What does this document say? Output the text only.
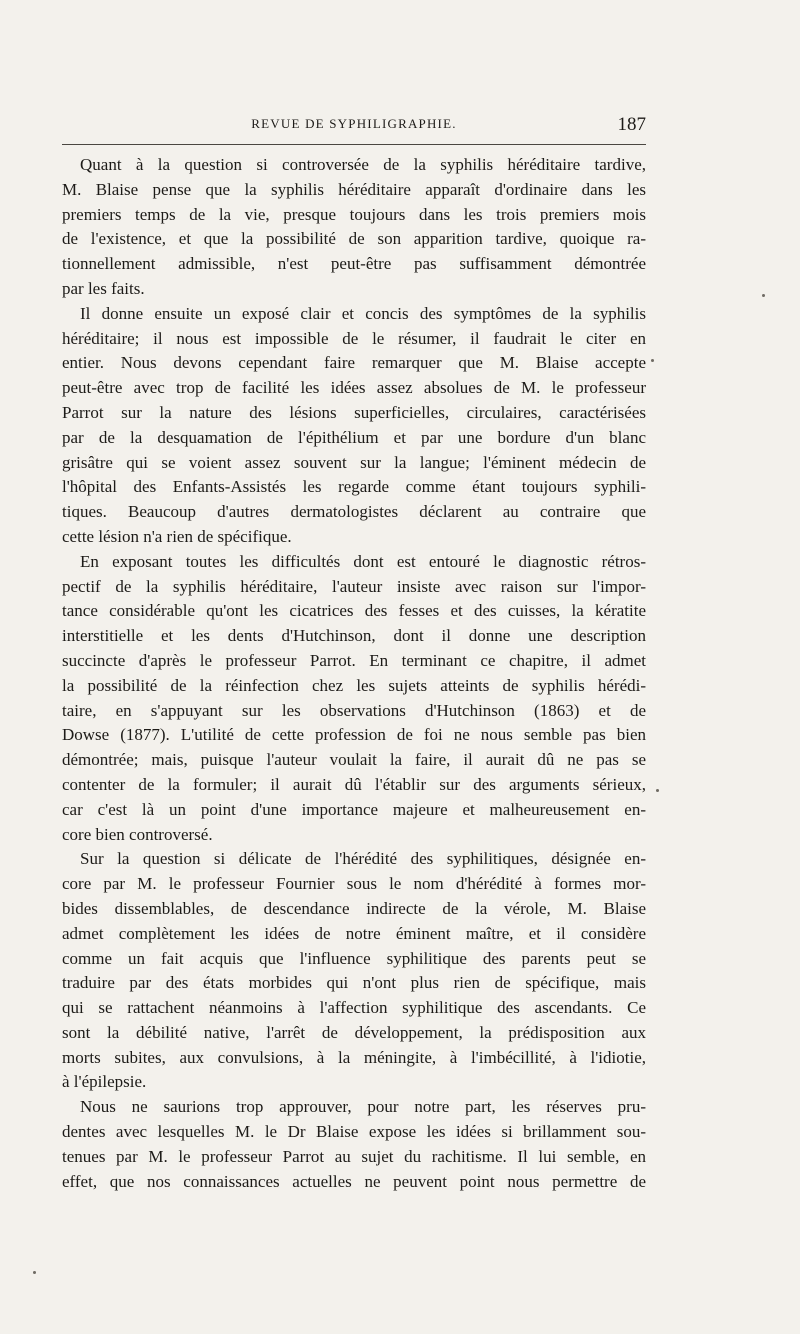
REVUE DE SYPHILIGRAPHIE.	187
Quant à la question si controversée de la syphilis héréditaire tardive,
M. Blaise pense que la syphilis héréditaire apparaît d'ordinaire dans les
premiers temps de la vie, presque toujours dans les trois premiers mois
de l'existence, et que la possibilité de son apparition tardive, quoique ra-
tionnellement admissible, n'est peut-être pas suffisamment démontrée
par les faits.
Il donne ensuite un exposé clair et concis des symptômes de la syphilis
héréditaire; il nous est impossible de le résumer, il faudrait le citer en
entier. Nous devons cependant faire remarquer que M. Blaise accepte
peut-être avec trop de facilité les idées assez absolues de M. le professeur
Parrot sur la nature des lésions superficielles, circulaires, caractérisées
par de la desquamation de l'épithélium et par une bordure d'un blanc
grisâtre qui se voient assez souvent sur la langue; l'éminent médecin de
l'hôpital des Enfants-Assistés les regarde comme étant toujours syphili-
tiques. Beaucoup d'autres dermatologistes déclarent au contraire que
cette lésion n'a rien de spécifique.
En exposant toutes les difficultés dont est entouré le diagnostic rétros-
pectif de la syphilis héréditaire, l'auteur insiste avec raison sur l'impor-
tance considérable qu'ont les cicatrices des fesses et des cuisses, la kératite
interstitielle et les dents d'Hutchinson, dont il donne une description
succincte d'après le professeur Parrot. En terminant ce chapitre, il admet
la possibilité de la réinfection chez les sujets atteints de syphilis hérédi-
taire, en s'appuyant sur les observations d'Hutchinson (1863) et de
Dowse (1877). L'utilité de cette profession de foi ne nous semble pas bien
démontrée; mais, puisque l'auteur voulait la faire, il aurait dû ne pas se
contenter de la formuler; il aurait dû l'établir sur des arguments sérieux,
car c'est là un point d'une importance majeure et malheureusement en-
core bien controversé.
Sur la question si délicate de l'hérédité des syphilitiques, désignée en-
core par M. le professeur Fournier sous le nom d'hérédité à formes mor-
bides dissemblables, de descendance indirecte de la vérole, M. Blaise
admet complètement les idées de notre éminent maître, et il considère
comme un fait acquis que l'influence syphilitique des parents peut se
traduire par des états morbides qui n'ont plus rien de spécifique, mais
qui se rattachent néanmoins à l'affection syphilitique des ascendants. Ce
sont la débilité native, l'arrêt de développement, la prédisposition aux
morts subites, aux convulsions, à la méningite, à l'imbécillité, à l'idiotie,
à l'épilepsie.
Nous ne saurions trop approuver, pour notre part, les réserves pru-
dentes avec lesquelles M. le Dr Blaise expose les idées si brillamment sou-
tenues par M. le professeur Parrot au sujet du rachitisme. Il lui semble, en
effet, que nos connaissances actuelles ne peuvent point nous permettre de
